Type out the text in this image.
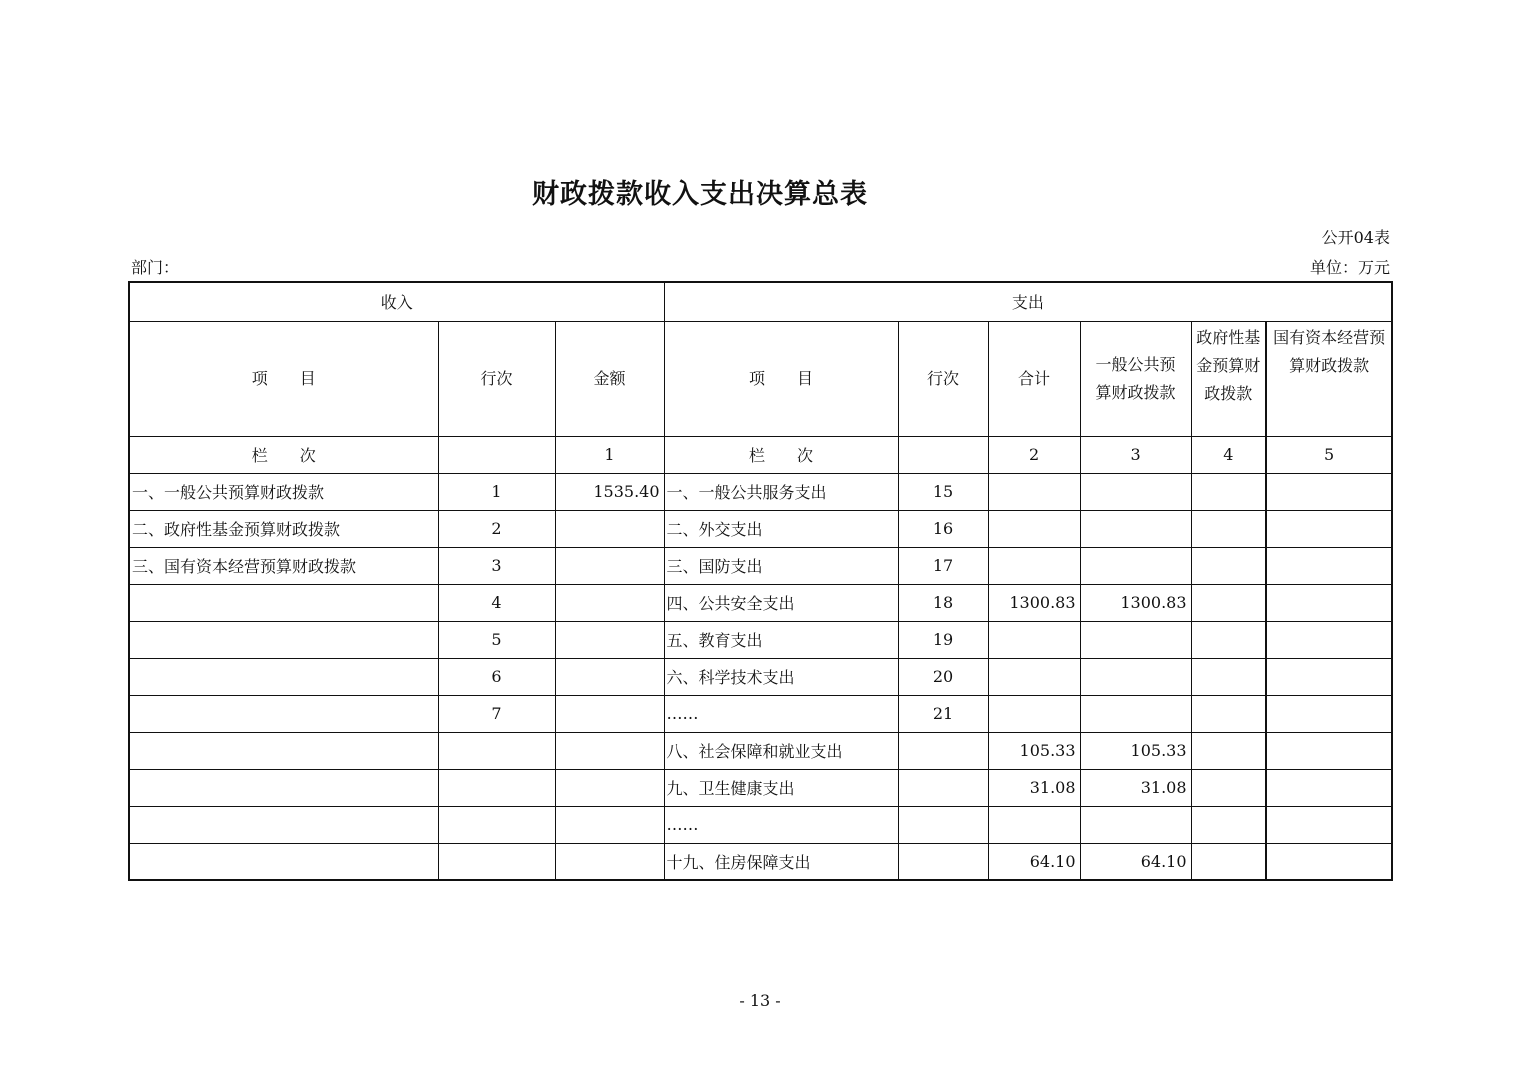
财政拨款收入支出决算总表
公开04表
部门：	单位：万元
收入			支出					
项　　目	行次	金额	项　　目	行次	合计	一般公共预算财政拨款	政府性基金预算财政拨款	国有资本经营预算财政拨款
栏　　次		1	栏　　次		2	3	4	5
一、一般公共预算财政拨款	1	1535.40	一、一般公共服务支出	15				
二、政府性基金预算财政拨款	2		二、外交支出	16				
三、国有资本经营预算财政拨款	3		三、国防支出	17				
	4		四、公共安全支出	18	1300.83	1300.83		
	5		五、教育支出	19				
	6		六、科学技术支出	20				
	7		……	21				
			八、社会保障和就业支出		105.33	105.33		
			九、卫生健康支出		31.08	31.08		
			……					
			十九、住房保障支出		64.10	64.10		
- 13 -
